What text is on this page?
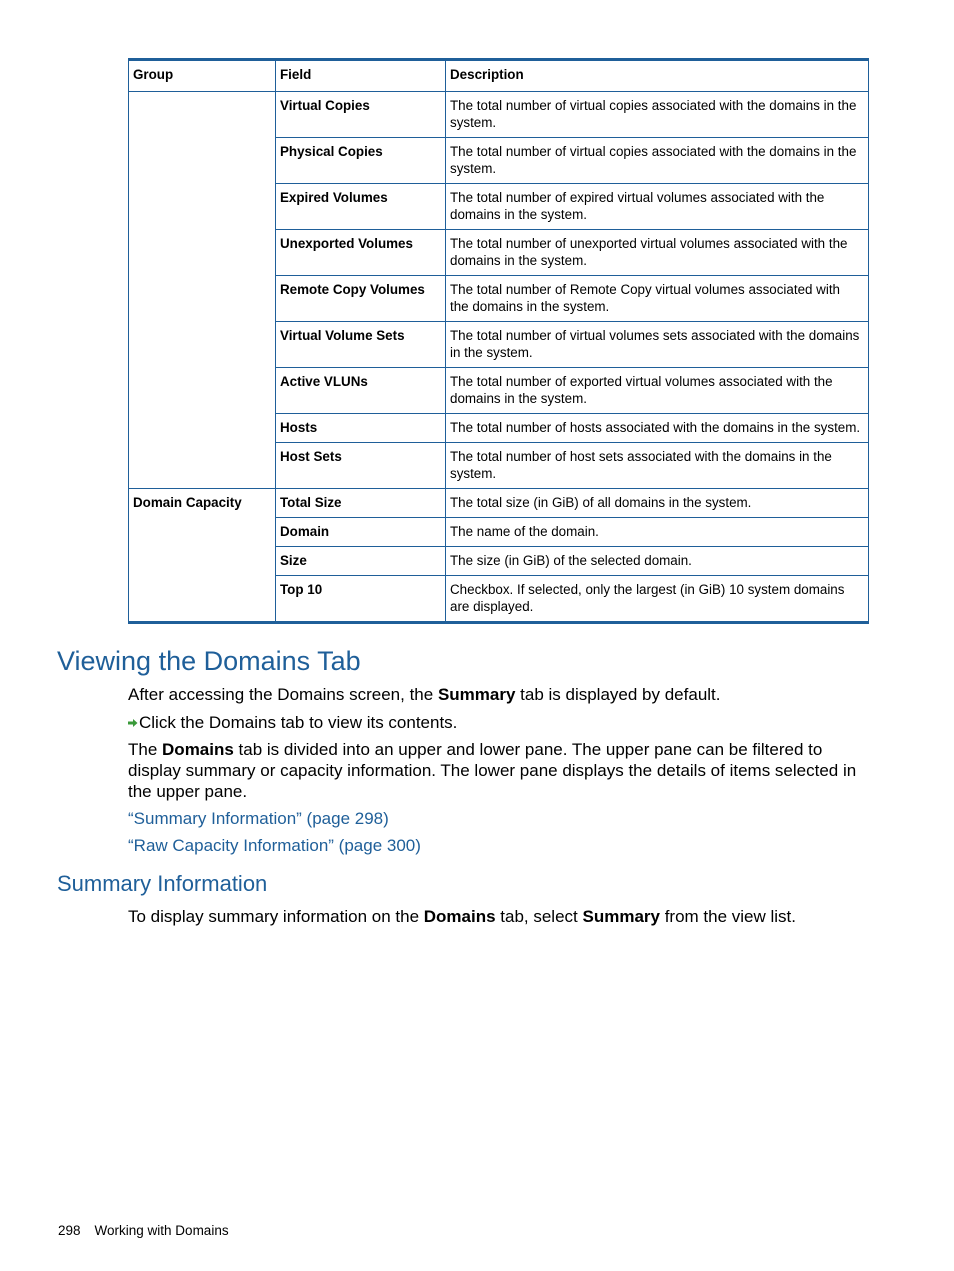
Group	Field	Description
	Virtual Copies	The total number of virtual copies associated with the domains in the system.
	Physical Copies	The total number of virtual copies associated with the domains in the system.
	Expired Volumes	The total number of expired virtual volumes associated with the domains in the system.
	Unexported Volumes	The total number of unexported virtual volumes associated with the domains in the system.
	Remote Copy Volumes	The total number of Remote Copy virtual volumes associated with the domains in the system.
	Virtual Volume Sets	The total number of virtual volumes sets associated with the domains in the system.
	Active VLUNs	The total number of exported virtual volumes associated with the domains in the system.
	Hosts	The total number of hosts associated with the domains in the system.
	Host Sets	The total number of host sets associated with the domains in the system.
Domain Capacity	Total Size	The total size (in GiB) of all domains in the system.
	Domain	The name of the domain.
	Size	The size (in GiB) of the selected domain.
	Top 10	Checkbox. If selected, only the largest (in GiB) 10 system domains are displayed.
Viewing the Domains Tab

After accessing the Domains screen, the Summary tab is displayed by default.

Click the Domains tab to view its contents.

The Domains tab is divided into an upper and lower pane. The upper pane can be filtered to display summary or capacity information. The lower pane displays the details of items selected in the upper pane.

“Summary Information” (page 298)

“Raw Capacity Information” (page 300)

Summary Information

To display summary information on the Domains tab, select Summary from the view list.

298 Working with Domains
